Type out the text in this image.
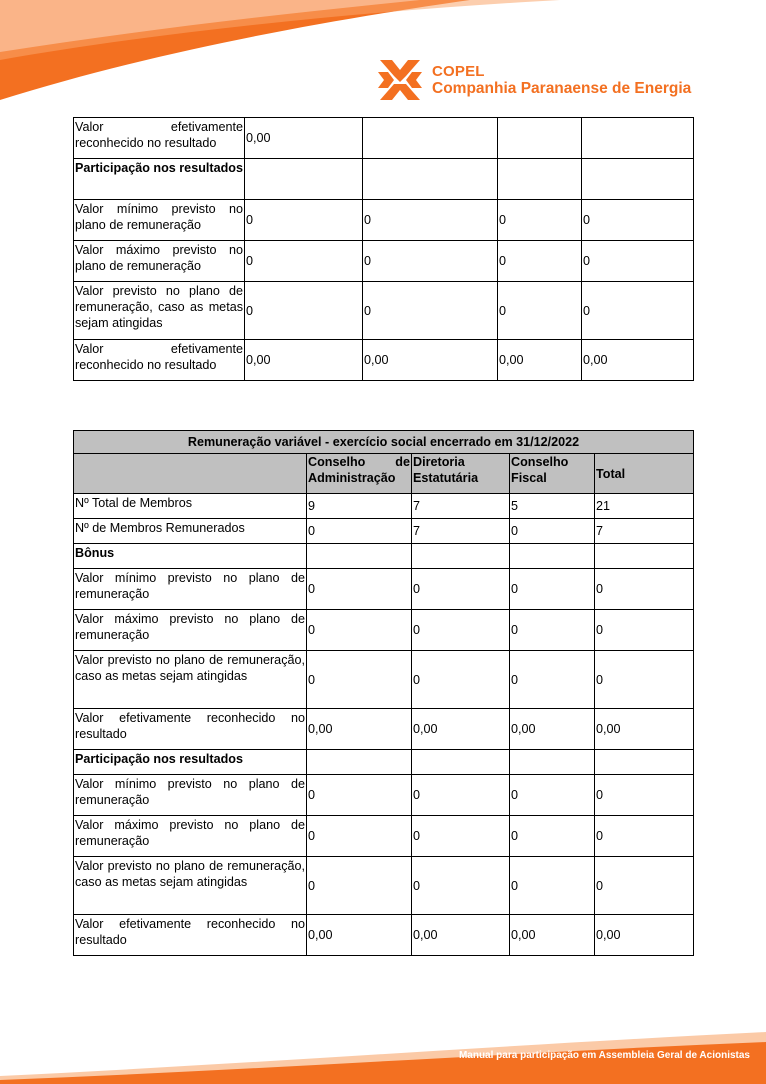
COPEL
Companhia Paranaense de Energia
Valor efetivamente reconhecido no resultado	0,00			
Participação nos resultados				
Valor mínimo previsto no plano de remuneração	0	0	0	0
Valor máximo previsto no plano de remuneração	0	0	0	0
Valor previsto no plano de remuneração, caso as metas sejam atingidas	0	0	0	0
Valor efetivamente reconhecido no resultado	0,00	0,00	0,00	0,00
Remuneração variável - exercício social encerrado em 31/12/2022				
	Conselho de Administração	Diretoria Estatutária	Conselho Fiscal	Total
Nº Total de Membros	9	7	5	21
Nº de Membros Remunerados	0	7	0	7
Bônus				
Valor mínimo previsto no plano de remuneração	0	0	0	0
Valor máximo previsto no plano de remuneração	0	0	0	0
Valor previsto no plano de remuneração, caso as metas sejam atingidas	0	0	0	0
Valor efetivamente reconhecido no resultado	0,00	0,00	0,00	0,00
Participação nos resultados				
Valor mínimo previsto no plano de remuneração	0	0	0	0
Valor máximo previsto no plano de remuneração	0	0	0	0
Valor previsto no plano de remuneração, caso as metas sejam atingidas	0	0	0	0
Valor efetivamente reconhecido no resultado	0,00	0,00	0,00	0,00
Manual para participação em Assembleia Geral de Acionistas
